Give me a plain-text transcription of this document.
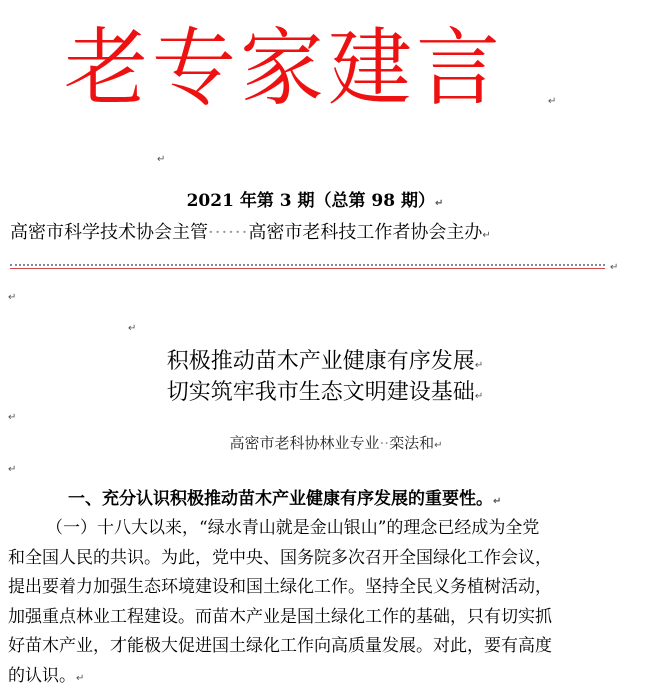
老专家建言	↵
↵
2021 年第 3 期（总第 98 期）↵
高密市科学技术协会主管······高密市老科技工作者协会主办↵
↵
↵
↵
积极推动苗木产业健康有序发展↵
切实筑牢我市生态文明建设基础↵
↵
高密市老科协林业专业··栾法和↵
↵
一、充分认识积极推动苗木产业健康有序发展的重要性。↵
（一）十八大以来，“绿水青山就是金山银山”的理念已经成为全党
和全国人民的共识。为此，党中央、国务院多次召开全国绿化工作会议，
提出要着力加强生态环境建设和国土绿化工作。坚持全民义务植树活动，
加强重点林业工程建设。而苗木产业是国土绿化工作的基础，只有切实抓
好苗木产业，才能极大促进国土绿化工作向高质量发展。对此，要有高度
的认识。↵
